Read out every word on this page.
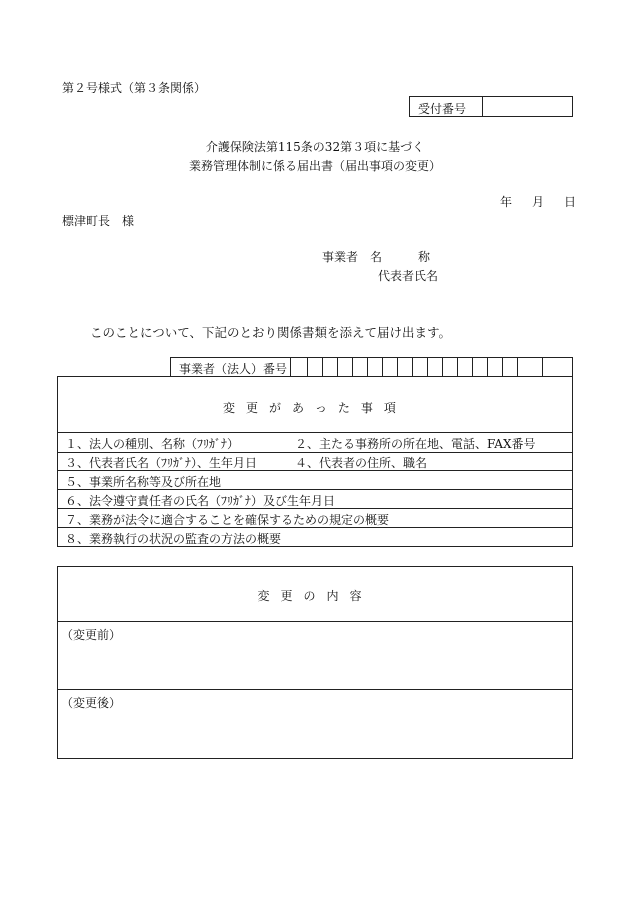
第２号様式（第３条関係）
受付番号
介護保険法第115条の32第３項に基づく
業務管理体制に係る届出書（届出事項の変更）
年　月　日
標津町長　様
事業者　名　　　称
代表者氏名
このことについて、下記のとおり関係書類を添えて届け出ます。
事業者（法人）番号
変更があった事項
１、法人の種別、名称（ﾌﾘｶﾞﾅ）	２、主たる事務所の所在地、電話、FAX番号
３、代表者氏名（ﾌﾘｶﾞﾅ）、生年月日	４、代表者の住所、職名
５、事業所名称等及び所在地
６、法令遵守責任者の氏名（ﾌﾘｶﾞﾅ）及び生年月日
７、業務が法令に適合することを確保するための規定の概要
８、業務執行の状況の監査の方法の概要
変更の内容
（変更前）
（変更後）
